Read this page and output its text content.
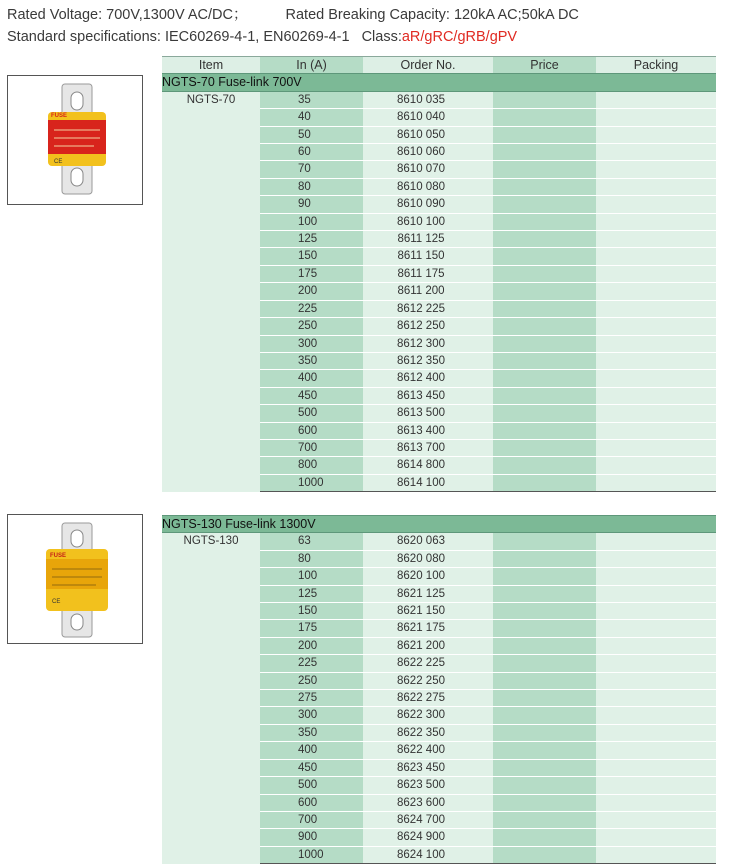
Rated Voltage: 700V,1300V AC/DC；	Rated Breaking Capacity: 120kA AC;50kA DC
Standard specifications: IEC60269-4-1, EN60269-4-1 Class: aR/gRC/gRB/gPV
FUSE
CE
FUSE
CE
Item	In (A)	Order No.	Price	Packing
NGTS-70 Fuse-link 700V				
NGTS-70	35	8610 035		
	40	8610 040		
	50	8610 050		
	60	8610 060		
	70	8610 070		
	80	8610 080		
	90	8610 090		
	100	8610 100		
	125	8611 125		
	150	8611 150		
	175	8611 175		
	200	8611 200		
	225	8612 225		
	250	8612 250		
	300	8612 300		
	350	8612 350		
	400	8612 400		
	450	8613 450		
	500	8613 500		
	600	8613 400		
	700	8613 700		
	800	8614 800		
	1000	8614 100		
NGTS-130 Fuse-link 1300V				
NGTS-130	63	8620 063		
	80	8620 080		
	100	8620 100		
	125	8621 125		
	150	8621 150		
	175	8621 175		
	200	8621 200		
	225	8622 225		
	250	8622 250		
	275	8622 275		
	300	8622 300		
	350	8622 350		
	400	8622 400		
	450	8623 450		
	500	8623 500		
	600	8623 600		
	700	8624 700		
	900	8624 900		
	1000	8624 100		
